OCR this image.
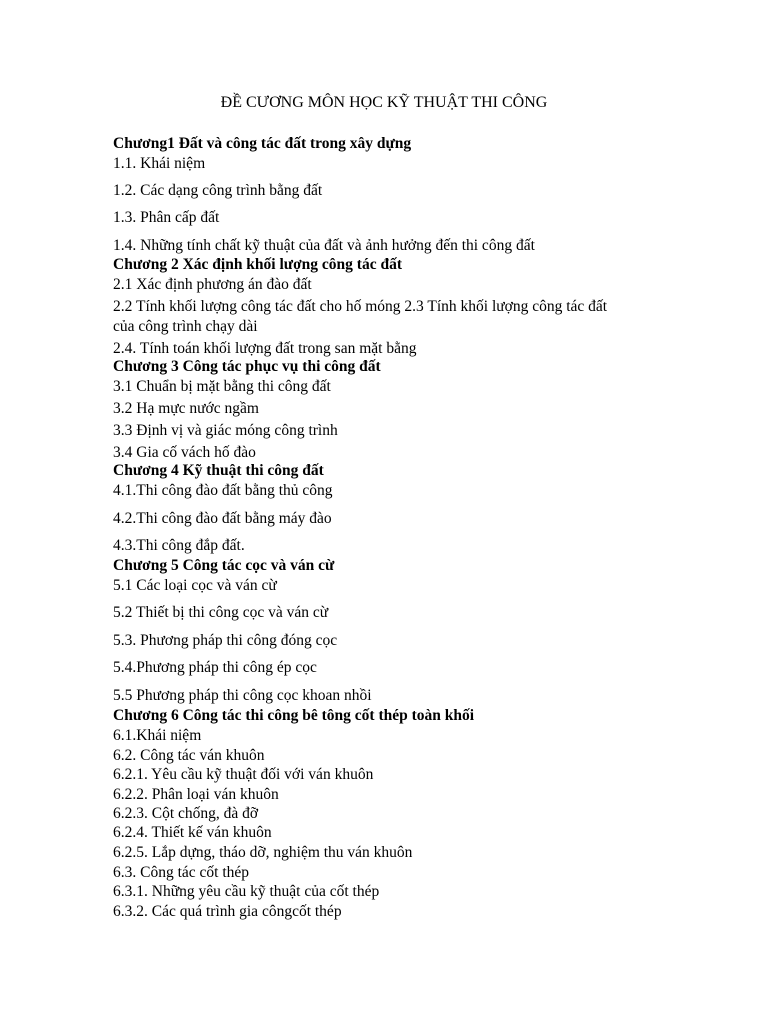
ĐỀ CƯƠNG MÔN HỌC KỸ THUẬT THI CÔNG
Chương1 Đất và công tác đất trong xây dựng
1.1. Khái niệm
1.2. Các dạng công trình bằng đất
1.3. Phân cấp đất
1.4. Những tính chất kỹ thuật của đất và ảnh hưởng đến thi công đất
Chương 2 Xác định khối lượng công tác đất
2.1 Xác định phương án đào đất
2.2 Tính khối lượng công tác đất cho hố móng 2.3 Tính khối lượng công tác đất
của công trình chạy dài
2.4. Tính toán khối lượng đất trong san mặt bằng
Chương 3 Công tác phục vụ thi công đất
3.1 Chuẩn bị mặt bằng thi công đất
3.2 Hạ mực nước ngầm
3.3 Định vị và giác móng công trình
3.4 Gia cố vách hố đào
Chương 4 Kỹ thuật thi công đất
4.1.Thi công đào đất bằng thủ công
4.2.Thi công đào đất bằng máy đào
4.3.Thi công đắp đất.
Chương 5 Công tác cọc và ván cừ
5.1 Các loại cọc và ván cừ
5.2 Thiết bị thi công cọc và ván cừ
5.3. Phương pháp thi công đóng cọc
5.4.Phương pháp thi công ép cọc
5.5 Phương pháp thi công cọc khoan nhồi
Chương 6 Công tác thi công bê tông cốt thép toàn khối
6.1.Khái niệm
6.2. Công tác ván khuôn
6.2.1. Yêu cầu kỹ thuật đối với ván khuôn
6.2.2. Phân loại ván khuôn
6.2.3. Cột chống, đà đỡ
6.2.4. Thiết kế ván khuôn
6.2.5. Lắp dựng, tháo dỡ, nghiệm thu ván khuôn
6.3. Công tác cốt thép
6.3.1. Những yêu cầu kỹ thuật của cốt thép
6.3.2. Các quá trình gia côngcốt thép
